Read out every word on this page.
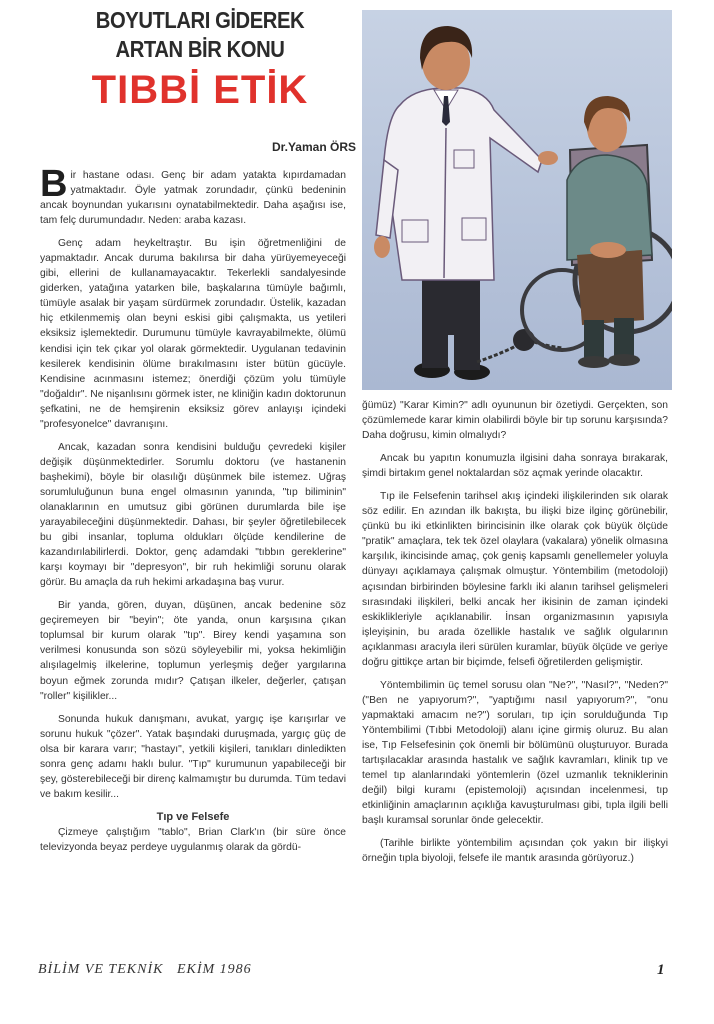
BOYUTLARI GİDEREK
ARTAN BİR KONU
TIBBİ ETİK
Dr.Yaman ÖRS

Bir hastane odası. Genç bir adam yatakta kıpırdamadan yatmaktadır. Öyle yatmak zorundadır, çünkü bedeninin ancak boynundan yukarısını oynatabilmektedir. Daha aşağısı ise, tam felç durumundadır. Neden: araba kazası.

Genç adam heykeltraştır. Bu işin öğretmenliğini de yapmaktadır. Ancak duruma bakılırsa bir daha yürüyemeyeceği gibi, ellerini de kullanamayacaktır. Tekerlekli sandalyesinde giderken, yatağına yatarken bile, başkalarına tümüyle bağımlı, tümüyle asalak bir yaşam sürdürmek zorundadır. Üstelik, kazadan hiç etkilenmemiş olan beyni eskisi gibi çalışmakta, us yetileri eksiksiz işlemektedir. Durumunu tümüyle kavrayabilmekte, ölümü kendisi için tek çıkar yol olarak görmektedir. Uygulanan tedavinin kesilerek kendisinin ölüme bırakılmasını ister bütün gücüyle. Kendisine acınmasını istemez; önerdiği çözüm yolu tümüyle "doğaldır". Ne nişanlısını görmek ister, ne kliniğin kadın doktorunun şefkatini, ne de hemşirenin eksiksiz görev anlayışı içindeki "profesyonelce" davranışını.

Ancak, kazadan sonra kendisini bulduğu çevredeki kişiler değişik düşünmektedirler. Sorumlu doktoru (ve hastanenin başhekimi), böyle bir olasılığı düşünmek bile istemez. Uğraş sorumluluğunun buna engel olmasının yanında, "tıp biliminin" olanaklarının en umutsuz gibi görünen durumlarda bile işe yarayabileceğini düşünmektedir. Dahası, bir şeyler öğretilebilecek bu gibi insanlar, topluma oldukları ölçüde kendilerine de kazandırılabilirlerdi. Doktor, genç adamdaki "tıbbın gereklerine" karşı koymayı bir "depresyon", bir ruh hekimliği sorunu olarak görür. Bu amaçla da ruh hekimi arkadaşına baş vurur.

Bir yanda, gören, duyan, düşünen, ancak bedenine söz geçiremeyen bir "beyin"; öte yanda, onun karşısına çıkan toplumsal bir kurum olarak "tıp". Birey kendi yaşamına son verilmesi konusunda son sözü söyleyebilir mi, yoksa hekimliğin alışılagelmiş ilkelerine, toplumun yerleşmiş değer yargılarına boyun eğmek zorunda mıdır? Çatışan ilkeler, değerler, çatışan "roller" kişilikler...

Sonunda hukuk danışmanı, avukat, yargıç işe karışırlar ve sorunu hukuk "çözer". Yatak başındaki duruşmada, yargıç güç de olsa bir karara varır; "hastayı", yetkili kişileri, tanıkları dinledikten sonra genç adamı haklı bulur. "Tıp" kurumunun yapabileceği bir şey, gösterebileceği bir direnç kalmamıştır bu durumda. Tüm tedavi ve bakım kesilir...

Tıp ve Felsefe

Çizmeye çalıştığım "tablo", Brian Clark'ın (bir süre önce televizyonda beyaz perdeye uygulanmış olarak da gördü-

ğümüz) "Karar Kimin?" adlı oyununun bir özetiydi. Gerçekten, son çözümlemede karar kimin olabilirdi böyle bir tıp sorunu karşısında? Daha doğrusu, kimin olmalıydı?

Ancak bu yapıtın konumuzla ilgisini daha sonraya bırakarak, şimdi birtakım genel noktalardan söz açmak yerinde olacaktır.

Tıp ile Felsefenin tarihsel akış içindeki ilişkilerinden sık olarak söz edilir. En azından ilk bakışta, bu ilişki bize ilginç görünebilir, çünkü bu iki etkinlikten birincisinin ilke olarak çok büyük ölçüde "pratik" amaçlara, tek tek özel olaylara (vakalara) yönelik olmasına karşılık, ikincisinde amaç, çok geniş kapsamlı genellemeler yoluyla dünyayı açıklamaya çalışmak olmuştur. Yöntembilim (metodoloji) açısından birbirinden böylesine farklı iki alanın tarihsel gelişmeleri sırasındaki ilişkileri, belki ancak her ikisinin de zaman içindeki eskiklikleriyle açıklanabilir. İnsan organizmasının yapısıyla işleyişinin, bu arada özellikle hastalık ve sağlık olgularının açıklanması aracıyla ileri sürülen kuramlar, büyük ölçüde ve geriye doğru gittikçe artan bir biçimde, felsefi öğretilerden gelişmiştir.

Yöntembilimin üç temel sorusu olan "Ne?", "Nasıl?", "Neden?" ("Ben ne yapıyorum?", "yaptığımı nasıl yapıyorum?", "onu yapmaktaki amacım ne?") soruları, tıp için sorulduğunda Tıp Yöntembilimi (Tıbbi Metodoloji) alanı içine girmiş oluruz. Bu alan ise, Tıp Felsefesinin çok önemli bir bölümünü oluşturuyor. Burada tartışılacaklar arasında hastalık ve sağlık kavramları, klinik tıp ve temel tıp alanlarındaki yöntemlerin (özel uzmanlık tekniklerinin değil) bilgi kuramı (epistemoloji) açısından incelenmesi, tıp etkinliğinin amaçlarının açıklığa kavuşturulması gibi, tıpla ilgili belli başlı kuramsal sorunlar önde gelecektir.

(Tarihle birlikte yöntembilim açısından çok yakın bir ilişkyi örneğin tıpla biyoloji, felsefe ile mantık arasında görüyoruz.)

BİLİM VE TEKNİK   EKİM 1986	1
